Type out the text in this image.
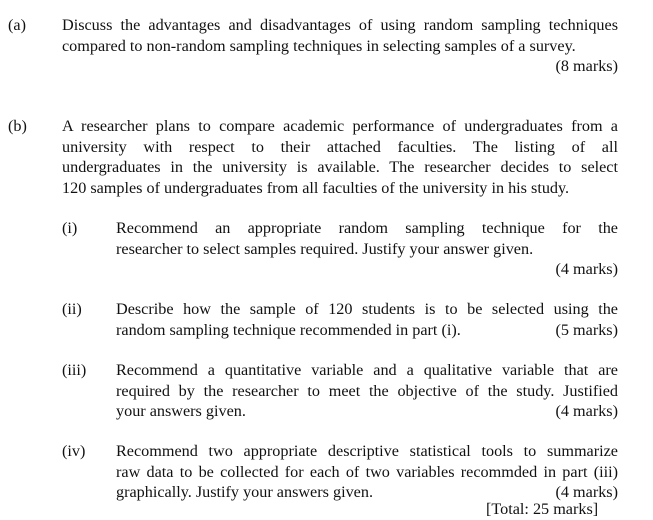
(a) Discuss the advantages and disadvantages of using random sampling techniques
compared to non-random sampling techniques in selecting samples of a survey.
(8 marks)
(b) A researcher plans to compare academic performance of undergraduates from a
university with respect to their attached faculties. The listing of all
undergraduates in the university is available. The researcher decides to select
120 samples of undergraduates from all faculties of the university in his study.
(i) Recommend an appropriate random sampling technique for the
researcher to select samples required. Justify your answer given.
(4 marks)
(ii) Describe how the sample of 120 students is to be selected using the
random sampling technique recommended in part (i).	(5 marks)
(iii) Recommend a quantitative variable and a qualitative variable that are
required by the researcher to meet the objective of the study. Justified
your answers given.	(4 marks)
(iv) Recommend two appropriate descriptive statistical tools to summarize
raw data to be collected for each of two variables recommded in part (iii)
graphically. Justify your answers given.	(4 marks)
[Total: 25 marks]
